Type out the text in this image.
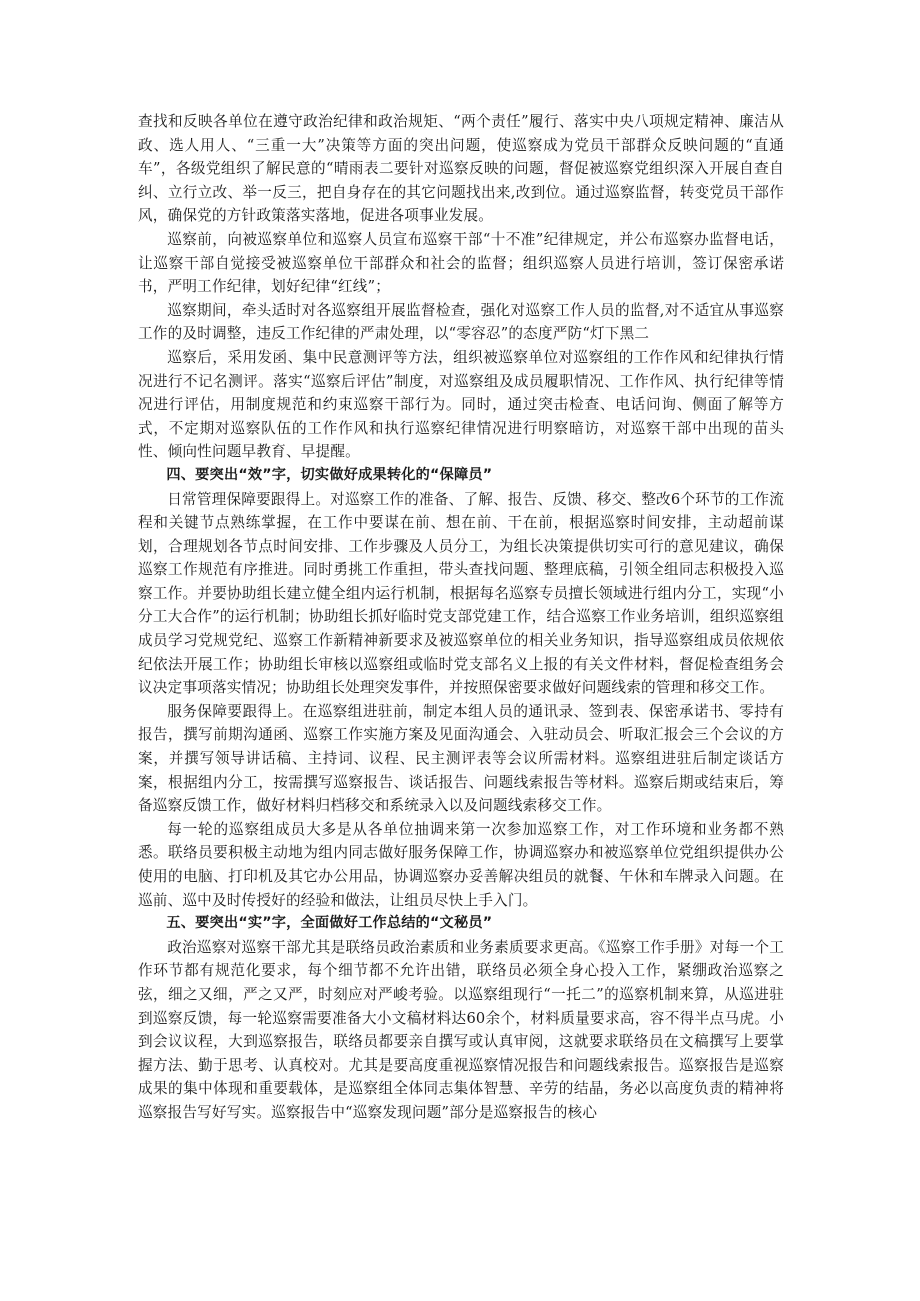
查找和反映各单位在遵守政治纪律和政治规矩、“两个责任”履行、落实中央八项规定精神、廉洁从政、选人用人、“三重一大”决策等方面的突出问题，使巡察成为党员干部群众反映问题的“直通车”，各级党组织了解民意的“晴雨表二要针对巡察反映的问题，督促被巡察党组织深入开展自查自纠、立行立改、举一反三，把自身存在的其它问题找出来,改到位。通过巡察监督，转变党员干部作风，确保党的方针政策落实落地，促进各项事业发展。

巡察前，向被巡察单位和巡察人员宣布巡察干部“十不准”纪律规定，并公布巡察办监督电话，让巡察干部自觉接受被巡察单位干部群众和社会的监督；组织巡察人员进行培训，签订保密承诺书，严明工作纪律，划好纪律“红线”；

巡察期间，牵头适时对各巡察组开展监督检查，强化对巡察工作人员的监督,对不适宜从事巡察工作的及时调整，违反工作纪律的严肃处理，以“零容忍”的态度严防“灯下黑二

巡察后，采用发函、集中民意测评等方法，组织被巡察单位对巡察组的工作作风和纪律执行情况进行不记名测评。落实“巡察后评估”制度，对巡察组及成员履职情况、工作作风、执行纪律等情况进行评估，用制度规范和约束巡察干部行为。同时，通过突击检查、电话问询、侧面了解等方式，不定期对巡察队伍的工作作风和执行巡察纪律情况进行明察暗访，对巡察干部中出现的苗头性、倾向性问题早教育、早提醒。

四、要突出“效”字，切实做好成果转化的“保障员”

日常管理保障要跟得上。对巡察工作的准备、了解、报告、反馈、移交、整改6个环节的工作流程和关键节点熟练掌握，在工作中要谋在前、想在前、干在前，根据巡察时间安排，主动超前谋划，合理规划各节点时间安排、工作步骤及人员分工，为组长决策提供切实可行的意见建议，确保巡察工作规范有序推进。同时勇挑工作重担，带头查找问题、整理底稿，引领全组同志积极投入巡察工作。并要协助组长建立健全组内运行机制，根据每名巡察专员擅长领域进行组内分工，实现“小分工大合作”的运行机制；协助组长抓好临时党支部党建工作，结合巡察工作业务培训，组织巡察组成员学习党规党纪、巡察工作新精神新要求及被巡察单位的相关业务知识，指导巡察组成员依规依纪依法开展工作；协助组长审核以巡察组或临时党支部名义上报的有关文件材料，督促检查组务会议决定事项落实情况；协助组长处理突发事件，并按照保密要求做好问题线索的管理和移交工作。

服务保障要跟得上。在巡察组进驻前，制定本组人员的通讯录、签到表、保密承诺书、零持有报告，撰写前期沟通函、巡察工作实施方案及见面沟通会、入驻动员会、听取汇报会三个会议的方案，并撰写领导讲话稿、主持词、议程、民主测评表等会议所需材料。巡察组进驻后制定谈话方案，根据组内分工，按需撰写巡察报告、谈话报告、问题线索报告等材料。巡察后期或结束后，筹备巡察反馈工作，做好材料归档移交和系统录入以及问题线索移交工作。

每一轮的巡察组成员大多是从各单位抽调来第一次参加巡察工作，对工作环境和业务都不熟悉。联络员要积极主动地为组内同志做好服务保障工作，协调巡察办和被巡察单位党组织提供办公使用的电脑、打印机及其它办公用品，协调巡察办妥善解决组员的就餐、午休和车牌录入问题。在巡前、巡中及时传授好的经验和做法，让组员尽快上手入门。

五、要突出“实”字，全面做好工作总结的“文秘员”

政治巡察对巡察干部尤其是联络员政治素质和业务素质要求更高。《巡察工作手册》对每一个工作环节都有规范化要求，每个细节都不允许出错，联络员必须全身心投入工作，紧绷政治巡察之弦，细之又细，严之又严，时刻应对严峻考验。以巡察组现行“一托二”的巡察机制来算，从巡进驻到巡察反馈，每一轮巡察需要准备大小文稿材料达60余个，材料质量要求高，容不得半点马虎。小到会议议程，大到巡察报告，联络员都要亲自撰写或认真审阅，这就要求联络员在文稿撰写上要掌握方法、勤于思考、认真校对。尤其是要高度重视巡察情况报告和问题线索报告。巡察报告是巡察成果的集中体现和重要载体，是巡察组全体同志集体智慧、辛劳的结晶，务必以高度负责的精神将巡察报告写好写实。巡察报告中“巡察发现问题”部分是巡察报告的核心
